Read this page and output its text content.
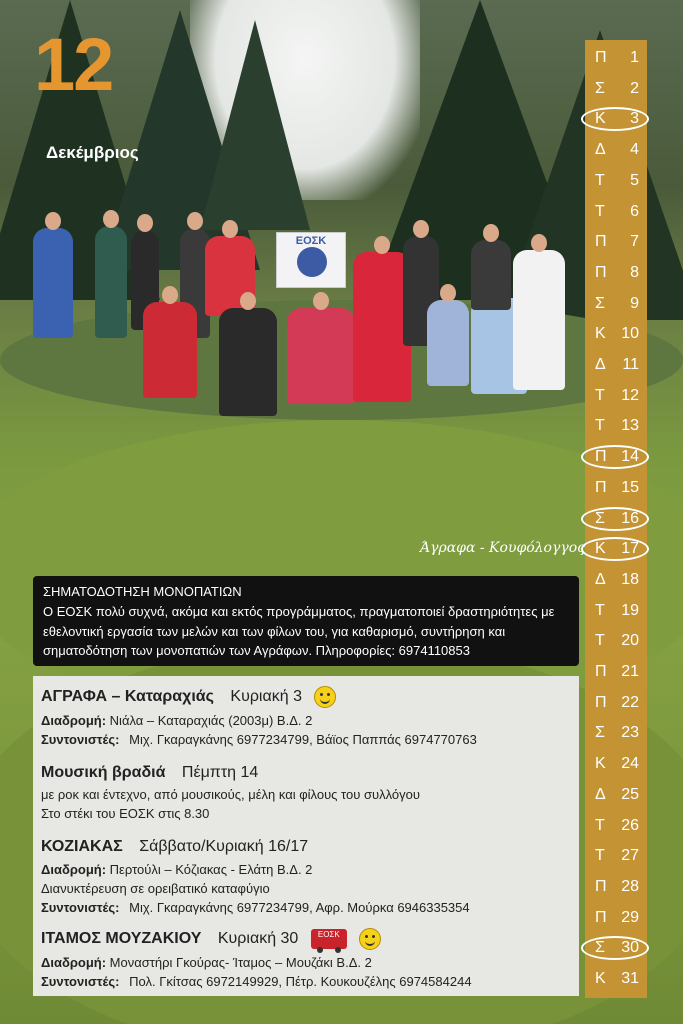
ΕΟΣΚ
12
Δεκέμβριος
Άγραφα - Κουφόλογγος
Π 1
Σ 2
Κ 3
Δ 4
Τ 5
Τ 6
Π 7
Π 8
Σ 9
Κ 10
Δ 11
Τ 12
Τ 13
Π 14
Π 15
Σ 16
Κ 17
Δ 18
Τ 19
Τ 20
Π 21
Π 22
Σ 23
Κ 24
Δ 25
Τ 26
Τ 27
Π 28
Π 29
Σ 30
Κ 31
ΣΗΜΑΤΟΔΟΤΗΣΗ ΜΟΝΟΠΑΤΙΩΝ
Ο ΕΟΣΚ πολύ συχνά, ακόμα και εκτός προγράμματος, πραγματοποιεί δραστηριότητες με εθελοντική εργασία των μελών και των φίλων του, για καθαρισμό, συντήρηση και σηματοδότηση των μονοπατιών των Αγράφων. Πληροφορίες: 6974110853
ΑΓΡΑΦΑ – Καταραχιάς Κυριακή 3
Διαδρομή: Νιάλα – Καταραχιάς (2003μ) Β.Δ. 2
Συντονιστές: Μιχ. Γκαραγκάνης 6977234799, Βάϊος Παππάς 6974770763
Μουσική βραδιά Πέμπτη 14
με ροκ και έντεχνο, από μουσικούς, μέλη και φίλους του συλλόγου
Στο στέκι του ΕΟΣΚ στις 8.30
ΚΟΖΙΑΚΑΣ Σάββατο/Κυριακή 16/17
Διαδρομή: Περτούλι – Κόζιακας - Ελάτη Β.Δ. 2
Διανυκτέρευση σε ορειβατικό καταφύγιο
Συντονιστές: Μιχ. Γκαραγκάνης 6977234799, Αφρ. Μούρκα 6946335354
ΙΤΑΜΟΣ ΜΟΥΖΑΚΙΟΥ Κυριακή 30 ΕΟΣΚ
Διαδρομή: Μοναστήρι Γκούρας- Ίταμος – Μουζάκι Β.Δ. 2
Συντονιστές: Πολ. Γκίτσας 6972149929, Πέτρ. Κουκουζέλης 6974584244
